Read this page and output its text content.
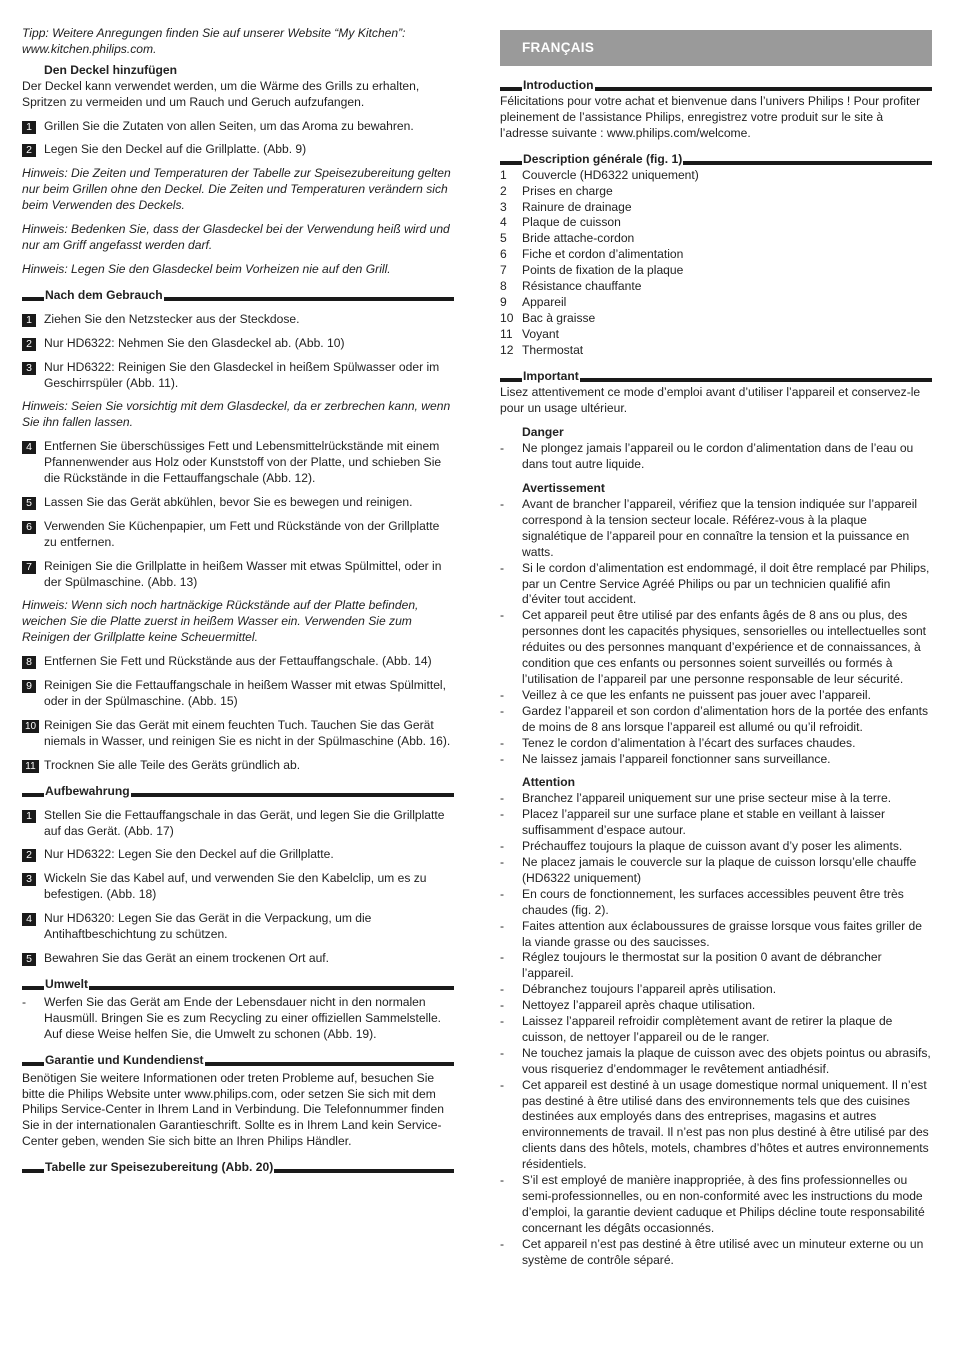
Tipp: Weitere Anregungen finden Sie auf unserer Website “My Kitchen”: www.kitchen.philips.com.

Den Deckel hinzufügen

Der Deckel kann verwendet werden, um die Wärme des Grills zu erhalten, Spritzen zu vermeiden und um Rauch und Geruch aufzufangen.

1 Grillen Sie die Zutaten von allen Seiten, um das Aroma zu bewahren.
2 Legen Sie den Deckel auf die Grillplatte. (Abb. 9)

Hinweis: Die Zeiten und Temperaturen der Tabelle zur Speisezubereitung gelten nur beim Grillen ohne den Deckel. Die Zeiten und Temperaturen verändern sich beim Verwenden des Deckels.

Hinweis: Bedenken Sie, dass der Glasdeckel bei der Verwendung heiß wird und nur am Griff angefasst werden darf.

Hinweis: Legen Sie den Glasdeckel beim Vorheizen nie auf den Grill.

Nach dem Gebrauch
1 Ziehen Sie den Netzstecker aus der Steckdose.
2 Nur HD6322: Nehmen Sie den Glasdeckel ab. (Abb. 10)
3 Nur HD6322: Reinigen Sie den Glasdeckel in heißem Spülwasser oder im Geschirrspüler (Abb. 11).

Hinweis: Seien Sie vorsichtig mit dem Glasdeckel, da er zerbrechen kann, wenn Sie ihn fallen lassen.

4 Entfernen Sie überschüssiges Fett und Lebensmittelrückstände mit einem Pfannenwender aus Holz oder Kunststoff von der Platte, und schieben Sie die Rückstände in die Fettauffangschale (Abb. 12).
5 Lassen Sie das Gerät abkühlen, bevor Sie es bewegen und reinigen.
6 Verwenden Sie Küchenpapier, um Fett und Rückstände von der Grillplatte zu entfernen.
7 Reinigen Sie die Grillplatte in heißem Wasser mit etwas Spülmittel, oder in der Spülmaschine. (Abb. 13)

Hinweis: Wenn sich noch hartnäckige Rückstände auf der Platte befinden, weichen Sie die Platte zuerst in heißem Wasser ein. Verwenden Sie zum Reinigen der Grillplatte keine Scheuermittel.

8 Entfernen Sie Fett und Rückstände aus der Fettauffangschale. (Abb. 14)
9 Reinigen Sie die Fettauffangschale in heißem Wasser mit etwas Spülmittel, oder in der Spülmaschine. (Abb. 15)
10 Reinigen Sie das Gerät mit einem feuchten Tuch. Tauchen Sie das Gerät niemals in Wasser, und reinigen Sie es nicht in der Spülmaschine (Abb. 16).
11 Trocknen Sie alle Teile des Geräts gründlich ab.
Aufbewahrung
1 Stellen Sie die Fettauffangschale in das Gerät, und legen Sie die Grillplatte auf das Gerät. (Abb. 17)
2 Nur HD6322: Legen Sie den Deckel auf die Grillplatte.
3 Wickeln Sie das Kabel auf, und verwenden Sie den Kabelclip, um es zu befestigen. (Abb. 18)
4 Nur HD6320: Legen Sie das Gerät in die Verpackung, um die Antihaftbeschichtung zu schützen.
5 Bewahren Sie das Gerät an einem trockenen Ort auf.
Umwelt
-	Werfen Sie das Gerät am Ende der Lebensdauer nicht in den normalen Hausmüll. Bringen Sie es zum Recycling zu einer offiziellen Sammelstelle. Auf diese Weise helfen Sie, die Umwelt zu schonen (Abb. 19).
Garantie und Kundendienst

Benötigen Sie weitere Informationen oder treten Probleme auf, besuchen Sie bitte die Philips Website unter www.philips.com, oder setzen Sie sich mit dem Philips Service-Center in Ihrem Land in Verbindung. Die Telefonnummer finden Sie in der internationalen Garantieschrift. Sollte es in Ihrem Land kein Service-Center geben, wenden Sie sich bitte an Ihren Philips Händler.

Tabelle zur Speisezubereitung (Abb. 20)
FRANÇAIS
Introduction

Félicitations pour votre achat et bienvenue dans l’univers Philips ! Pour profiter pleinement de l’assistance Philips, enregistrez votre produit sur le site à l’adresse suivante : www.philips.com/welcome.

Description générale (fig. 1)
1	Couvercle (HD6322 uniquement)
2	Prises en charge
3	Rainure de drainage
4	Plaque de cuisson
5	Bride attache-cordon
6	Fiche et cordon d’alimentation
7	Points de fixation de la plaque
8	Résistance chauffante
9	Appareil
10 Bac à graisse
11 Voyant
12 Thermostat
Important

Lisez attentivement ce mode d’emploi avant d’utiliser l’appareil et conservez-le pour un usage ultérieur.

Danger

-	Ne plongez jamais l’appareil ou le cordon d’alimentation dans de l’eau ou dans tout autre liquide.

Avertissement

-	Avant de brancher l’appareil, vérifiez que la tension indiquée sur l’appareil correspond à la tension secteur locale. Référez-vous à la plaque signalétique de l’appareil pour en connaître la tension et la puissance en watts.
-	Si le cordon d’alimentation est endommagé, il doit être remplacé par Philips, par un Centre Service Agréé Philips ou par un technicien qualifié afin d’éviter tout accident.
-	Cet appareil peut être utilisé par des enfants âgés de 8 ans ou plus, des personnes dont les capacités physiques, sensorielles ou intellectuelles sont réduites ou des personnes manquant d’expérience et de connaissances, à condition que ces enfants ou personnes soient surveillés ou formés à l’utilisation de l’appareil par une personne responsable de leur sécurité.
-	Veillez à ce que les enfants ne puissent pas jouer avec l’appareil.
-	Gardez l’appareil et son cordon d’alimentation hors de la portée des enfants de moins de 8 ans lorsque l’appareil est allumé ou qu’il refroidit.
-	Tenez le cordon d’alimentation à l’écart des surfaces chaudes.
-	Ne laissez jamais l’appareil fonctionner sans surveillance.

Attention

-	Branchez l’appareil uniquement sur une prise secteur mise à la terre.
-	Placez l’appareil sur une surface plane et stable en veillant à laisser suffisamment d’espace autour.
-	Préchauffez toujours la plaque de cuisson avant d’y poser les aliments.
-	Ne placez jamais le couvercle sur la plaque de cuisson lorsqu’elle chauffe (HD6322 uniquement)
-	En cours de fonctionnement, les surfaces accessibles peuvent être très chaudes (fig. 2).
-	Faites attention aux éclaboussures de graisse lorsque vous faites griller de la viande grasse ou des saucisses.
-	Réglez toujours le thermostat sur la position 0 avant de débrancher l’appareil.
-	Débranchez toujours l’appareil après utilisation.
-	Nettoyez l’appareil après chaque utilisation.
-	Laissez l’appareil refroidir complètement avant de retirer la plaque de cuisson, de nettoyer l’appareil ou de le ranger.
-	Ne touchez jamais la plaque de cuisson avec des objets pointus ou abrasifs, vous risqueriez d’endommager le revêtement antiadhésif.
-	Cet appareil est destiné à un usage domestique normal uniquement. Il n’est pas destiné à être utilisé dans des environnements tels que des cuisines destinées aux employés dans des entreprises, magasins et autres environnements de travail. Il n’est pas non plus destiné à être utilisé par des clients dans des hôtels, motels, chambres d’hôtes et autres environnements résidentiels.
-	S’il est employé de manière inappropriée, à des fins professionnelles ou semi-professionnelles, ou en non-conformité avec les instructions du mode d’emploi, la garantie devient caduque et Philips décline toute responsabilité concernant les dégâts occasionnés.
-	Cet appareil n’est pas destiné à être utilisé avec un minuteur externe ou un système de contrôle séparé.
